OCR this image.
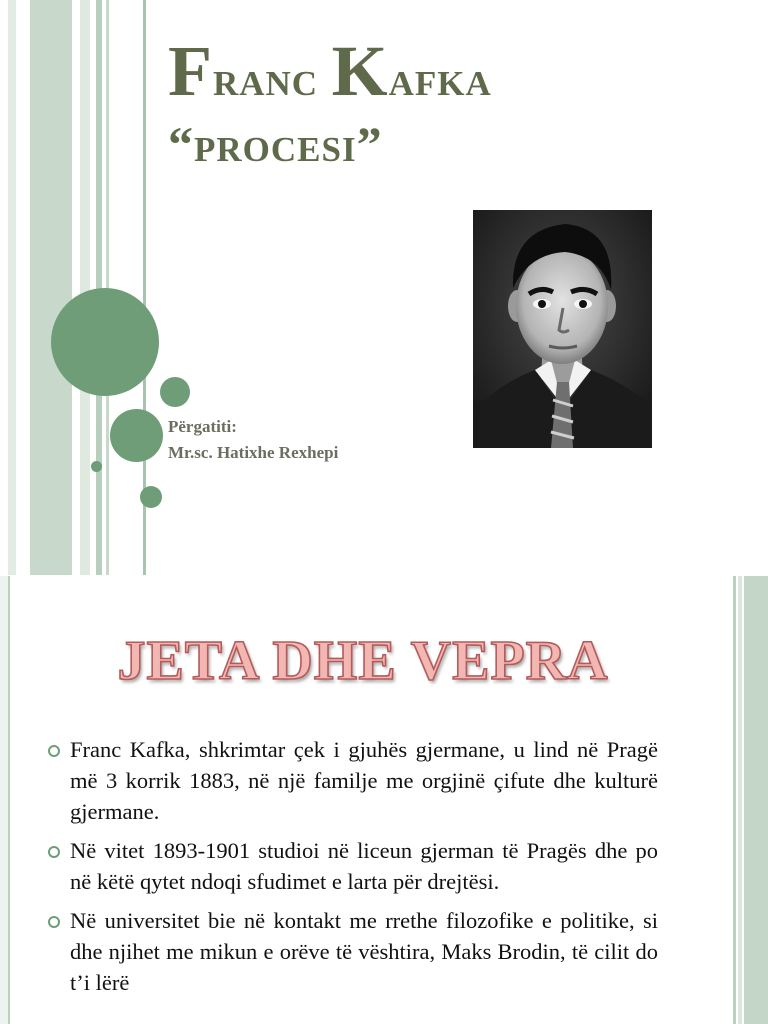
Franc Kafka
“procesi”
Përgatiti:
Mr.sc. Hatixhe Rexhepi
JETA DHE VEPRA
Franc Kafka, shkrimtar çek i gjuhës gjermane, u lind në Pragë më 3 korrik 1883, në një familje me orgjinë çifute dhe kulturë gjermane.
Në vitet 1893-1901 studioi në liceun gjerman të Pragës dhe po në këtë qytet ndoqi sfudimet e larta për drejtësi.
Në universitet bie në kontakt me rrethe filozofike e politike, si dhe njihet me mikun e orëve të vështira, Maks Brodin, të cilit do t’i lërë
